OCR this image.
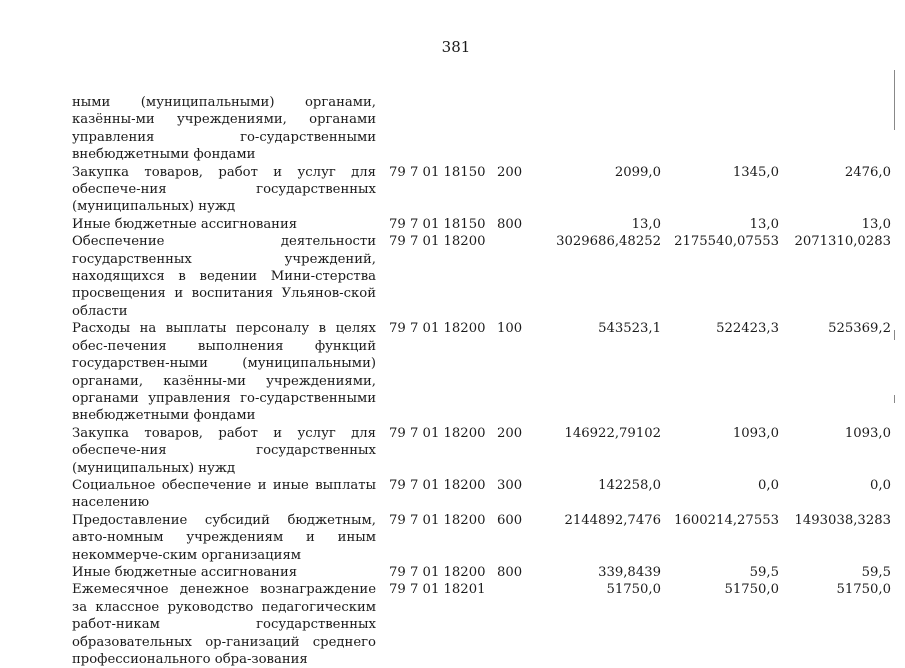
381
ными (муниципальными) органами, казённы-ми учреждениями, органами управления го-сударственными внебюджетными фондами					
Закупка товаров, работ и услуг для обеспече-ния государственных (муниципальных) нужд	79 7 01 18150	200	2099,0	1345,0	2476,0
Иные бюджетные ассигнования	79 7 01 18150	800	13,0	13,0	13,0
Обеспечение деятельности государственных учреждений, находящихся в ведении Мини-стерства просвещения и воспитания Ульянов-ской области	79 7 01 18200		3029686,48252	2175540,07553	2071310,0283
Расходы на выплаты персоналу в целях обес-печения выполнения функций государствен-ными (муниципальными) органами, казённы-ми учреждениями, органами управления го-сударственными внебюджетными фондами	79 7 01 18200	100	543523,1	522423,3	525369,2
Закупка товаров, работ и услуг для обеспече-ния государственных (муниципальных) нужд	79 7 01 18200	200	146922,79102	1093,0	1093,0
Социальное обеспечение и иные выплаты населению	79 7 01 18200	300	142258,0	0,0	0,0
Предоставление субсидий бюджетным, авто-номным учреждениям и иным некоммерче-ским организациям	79 7 01 18200	600	2144892,7476	1600214,27553	1493038,3283
Иные бюджетные ассигнования	79 7 01 18200	800	339,8439	59,5	59,5
Ежемесячное денежное вознаграждение за классное руководство педагогическим работ-никам государственных образовательных ор-ганизаций среднего профессионального обра-зования	79 7 01 18201		51750,0	51750,0	51750,0
